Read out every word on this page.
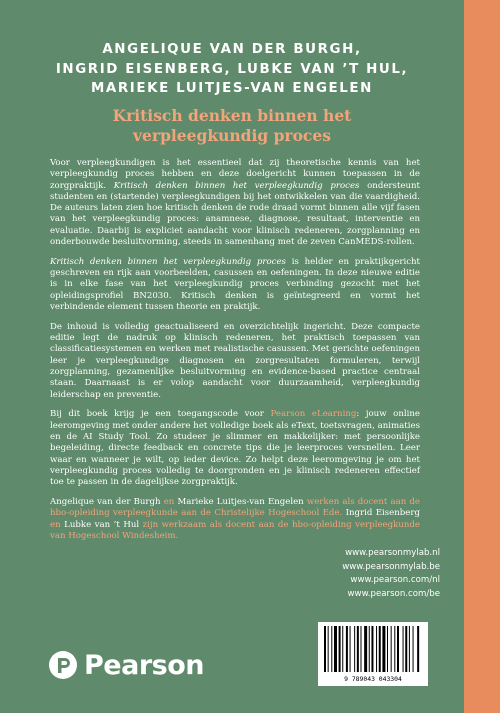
ANGELIQUE VAN DER BURGH,
INGRID EISENBERG, LUBKE VAN ’T HUL,
MARIEKE LUITJES-VAN ENGELEN
Kritisch denken binnen het
verpleegkundig proces

Voor verpleegkundigen is het essentieel dat zij theoretische kennis van het verpleegkundig proces hebben en deze doelgericht kunnen toepassen in de zorgpraktijk. Kritisch denken binnen het verpleegkundig proces ondersteunt studenten en (startende) verpleegkundigen bij het ontwikkelen van die vaardigheid. De auteurs laten zien hoe kritisch denken de rode draad vormt binnen alle vijf fasen van het verpleegkundig proces: anamnese, diagnose, resultaat, interventie en evaluatie. Daarbij is expliciet aandacht voor klinisch redeneren, zorgplanning en onderbouwde besluitvorming, steeds in samenhang met de zeven CanMEDS-rollen.

Kritisch denken binnen het verpleegkundig proces is helder en praktijkgericht geschreven en rijk aan voorbeelden, casussen en oefeningen. In deze nieuwe editie is in elke fase van het verpleegkundig proces verbinding gezocht met het opleidingsprofiel BN2030. Kritisch denken is geïntegreerd en vormt het verbindende element tussen theorie en praktijk.

De inhoud is volledig geactualiseerd en overzichtelijk ingericht. Deze compacte editie legt de nadruk op klinisch redeneren, het praktisch toepassen van classificatiesystemen en werken met realistische casussen. Met gerichte oefeningen leer je verpleegkundige diagnosen en zorgresultaten formuleren, terwijl zorgplanning, gezamenlijke besluitvorming en evidence-based practice centraal staan. Daarnaast is er volop aandacht voor duurzaamheid, verpleegkundig leiderschap en preventie.

Bij dit boek krijg je een toegangscode voor Pearson eLearning: jouw online leeromgeving met onder andere het volledige boek als eText, toetsvragen, animaties en de AI Study Tool. Zo studeer je slimmer en makkelijker: met persoonlijke begeleiding, directe feedback en concrete tips die je leerproces versnellen. Leer waar en wanneer je wilt, op ieder device. Zo helpt deze leeromgeving je om het verpleegkundig proces volledig te doorgronden en je klinisch redeneren effectief toe te passen in de dagelijkse zorgpraktijk.

Angelique van der Burgh en Marieke Luitjes-van Engelen werken als docent aan de hbo-opleiding verpleegkunde aan de Christelijke Hogeschool Ede. Ingrid Eisenberg en Lubke van ’t Hul zijn werkzaam als docent aan de hbo-opleiding verpleegkunde van Hogeschool Windesheim.

www.pearsonmylab.nl
www.pearsonmylab.be
www.pearson.com/nl
www.pearson.com/be
9 789043 043304
Pearson
